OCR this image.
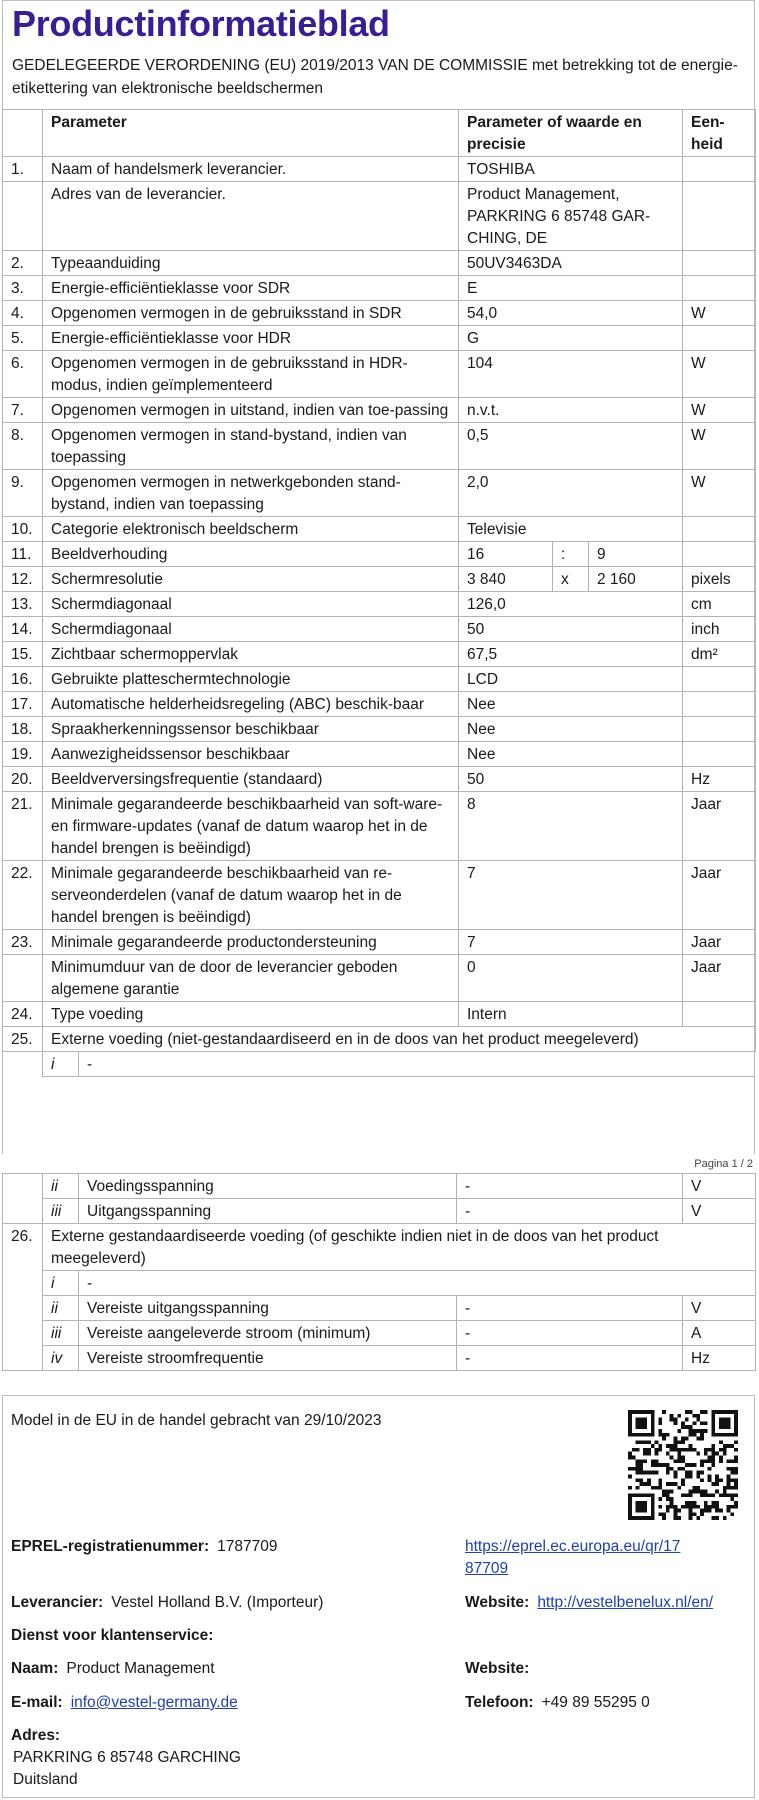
Productinformatieblad

GEDELEGEERDE VERORDENING (EU) 2019/2013 VAN DE COMMISSIE met betrekking tot de energie-etikettering van elektronische beeldschermen

	Parameter	Parameter of waarde en precisie			Een-heid
1.	Naam of handelsmerk leverancier.	TOSHIBA			
	Adres van de leverancier.	Product Management, PARKRING 6 85748 GAR-CHING, DE			
2.	Typeaanduiding	50UV3463DA			
3.	Energie-efficiëntieklasse voor SDR	E			
4.	Opgenomen vermogen in de gebruiksstand in SDR	54,0			W
5.	Energie-efficiëntieklasse voor HDR	G			
6.	Opgenomen vermogen in de gebruiksstand in HDR-modus, indien geïmplementeerd	104			W
7.	Opgenomen vermogen in uitstand, indien van toe-passing	n.v.t.			W
8.	Opgenomen vermogen in stand-bystand, indien van toepassing	0,5			W
9.	Opgenomen vermogen in netwerkgebonden stand-bystand, indien van toepassing	2,0			W
10.	Categorie elektronisch beeldscherm	Televisie			
11.	Beeldverhouding	16	:	9	
12.	Schermresolutie	3 840	x	2 160	pixels
13.	Schermdiagonaal	126,0			cm
14.	Schermdiagonaal	50			inch
15.	Zichtbaar schermoppervlak	67,5			dm²
16.	Gebruikte platteschermtechnologie	LCD			
17.	Automatische helderheidsregeling (ABC) beschik-baar	Nee			
18.	Spraakherkenningssensor beschikbaar	Nee			
19.	Aanwezigheidssensor beschikbaar	Nee			
20.	Beeldverversingsfrequentie (standaard)	50			Hz
21.	Minimale gegarandeerde beschikbaarheid van soft-ware- en firmware-updates (vanaf de datum waarop het in de handel brengen is beëindigd)	8			Jaar
22.	Minimale gegarandeerde beschikbaarheid van re-serveonderdelen (vanaf de datum waarop het in de handel brengen is beëindigd)	7			Jaar
23.	Minimale gegarandeerde productondersteuning	7			Jaar
	Minimumduur van de door de leverancier geboden algemene garantie	0			Jaar
24.	Type voeding	Intern			
25.	Externe voeding (niet-gestandaardiseerd en in de doos van het product meegeleverd)				
i	-
Pagina 1 / 2
	ii	Voedingsspanning	-	V
	iii	Uitgangsspanning	-	V
26.	Externe gestandaardiseerde voeding (of geschikte indien niet in de doos van het product meegeleverd)			
	i	-		
	ii	Vereiste uitgangsspanning	-	V
	iii	Vereiste aangeleverde stroom (minimum)	-	A
	iv	Vereiste stroomfrequentie	-	Hz
Model in de EU in de handel gebracht van 29/10/2023
EPREL-registratienummer: 1787709	https://eprel.ec.europa.eu/qr/17
87709
Leverancier: Vestel Holland B.V. (Importeur)	Website: http://vestelbenelux.nl/en/
Dienst voor klantenservice:
Naam: Product Management	Website:
E-mail: info@vestel-germany.de	Telefoon: +49 89 55295 0
Adres:
PARKRING 6 85748 GARCHING
Duitsland
